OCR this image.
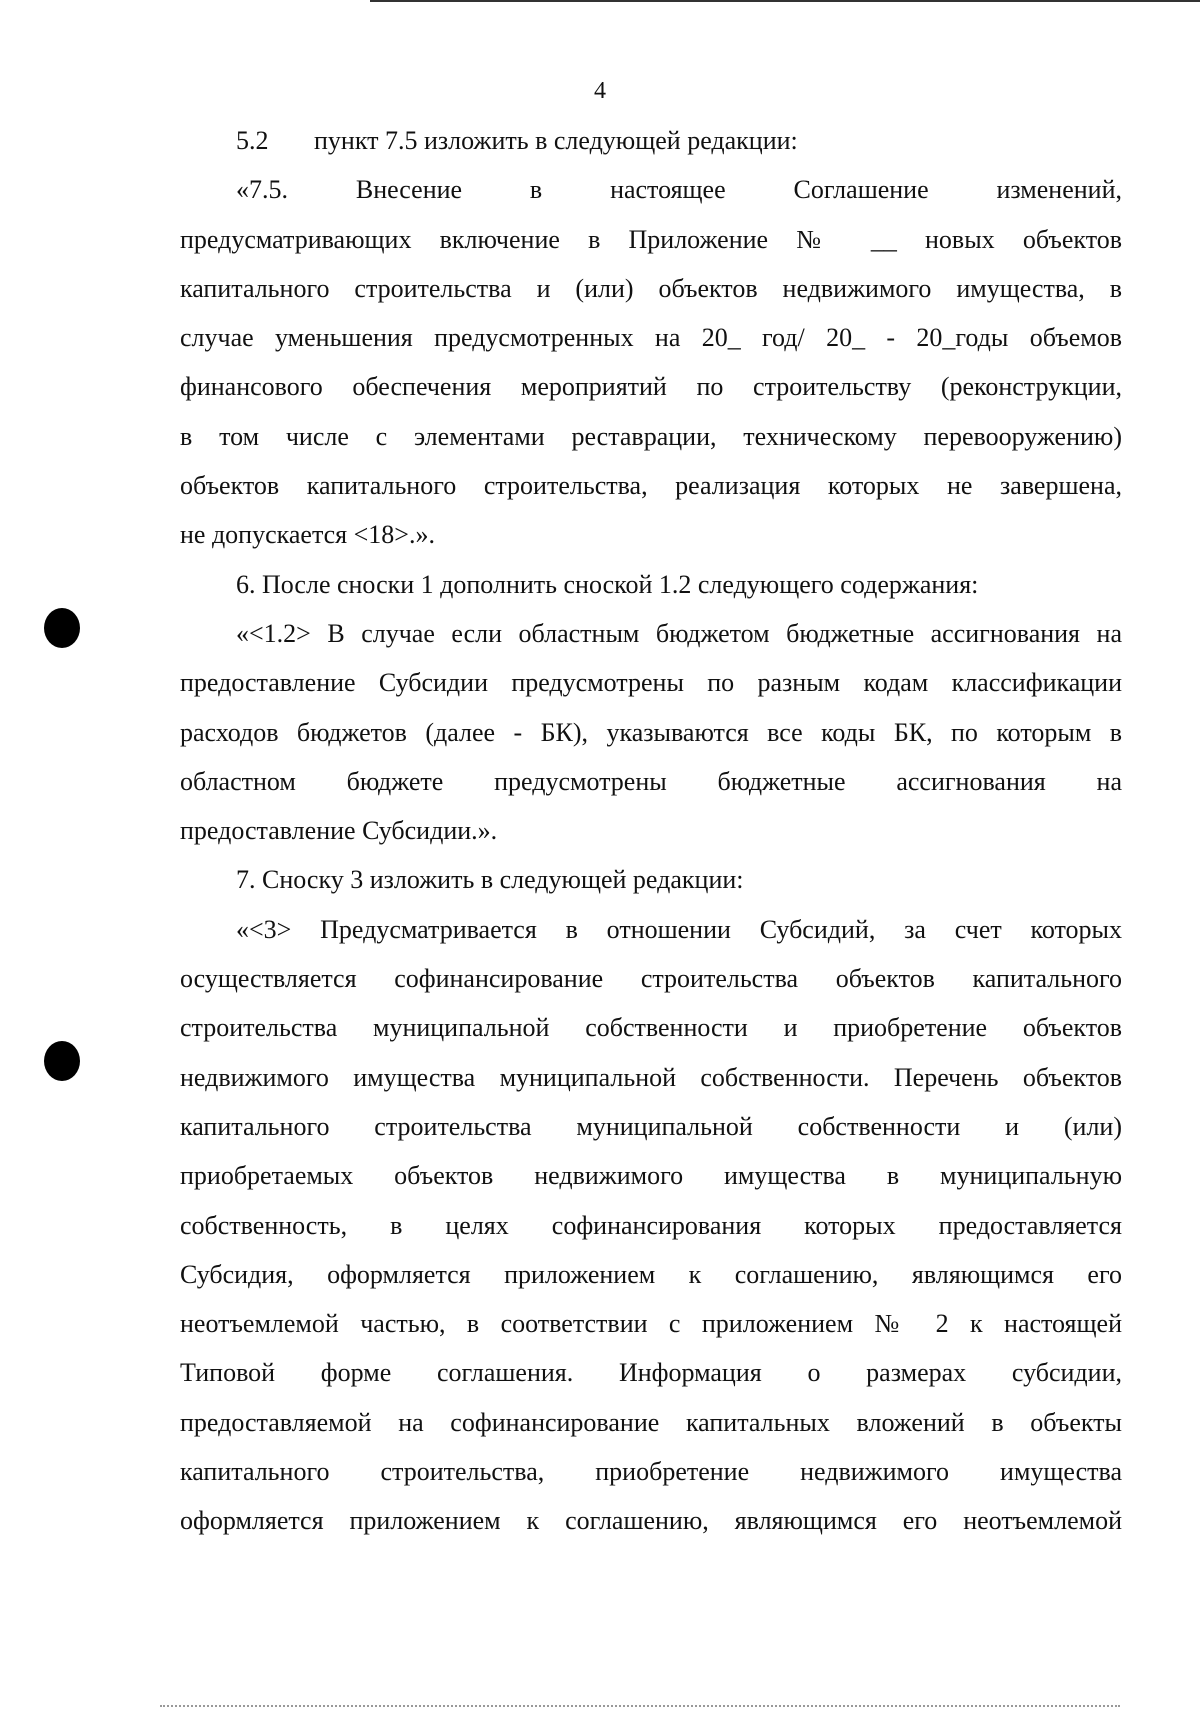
4
5.2       пункт 7.5 изложить в следующей редакции:
«7.5. Внесение в настоящее Соглашение изменений,
предусматривающих включение в Приложение № __ новых объектов
капитального строительства и (или) объектов недвижимого имущества, в
случае уменьшения предусмотренных на 20_ год/ 20_ - 20_годы объемов
финансового обеспечения мероприятий по строительству (реконструкции,
в том числе с элементами реставрации, техническому перевооружению)
объектов капитального строительства, реализация которых не завершена,
не допускается <18>.».
6. После сноски 1 дополнить сноской 1.2 следующего содержания:
«<1.2> В случае если областным бюджетом бюджетные ассигнования на
предоставление Субсидии предусмотрены по разным кодам классификации
расходов бюджетов (далее - БК), указываются все коды БК, по которым в
областном бюджете предусмотрены бюджетные ассигнования на
предоставление Субсидии.».
7. Сноску 3 изложить в следующей редакции:
«<3> Предусматривается в отношении Субсидий, за счет которых
осуществляется софинансирование строительства объектов капитального
строительства муниципальной собственности и приобретение объектов
недвижимого имущества муниципальной собственности. Перечень объектов
капитального строительства муниципальной собственности и (или)
приобретаемых объектов недвижимого имущества в муниципальную
собственность, в целях софинансирования которых предоставляется
Субсидия, оформляется приложением к соглашению, являющимся его
неотъемлемой частью, в соответствии с приложением № 2 к настоящей
Типовой форме соглашения. Информация о размерах субсидии,
предоставляемой на софинансирование капитальных вложений в объекты
капитального строительства, приобретение недвижимого имущества
оформляется приложением к соглашению, являющимся его неотъемлемой
